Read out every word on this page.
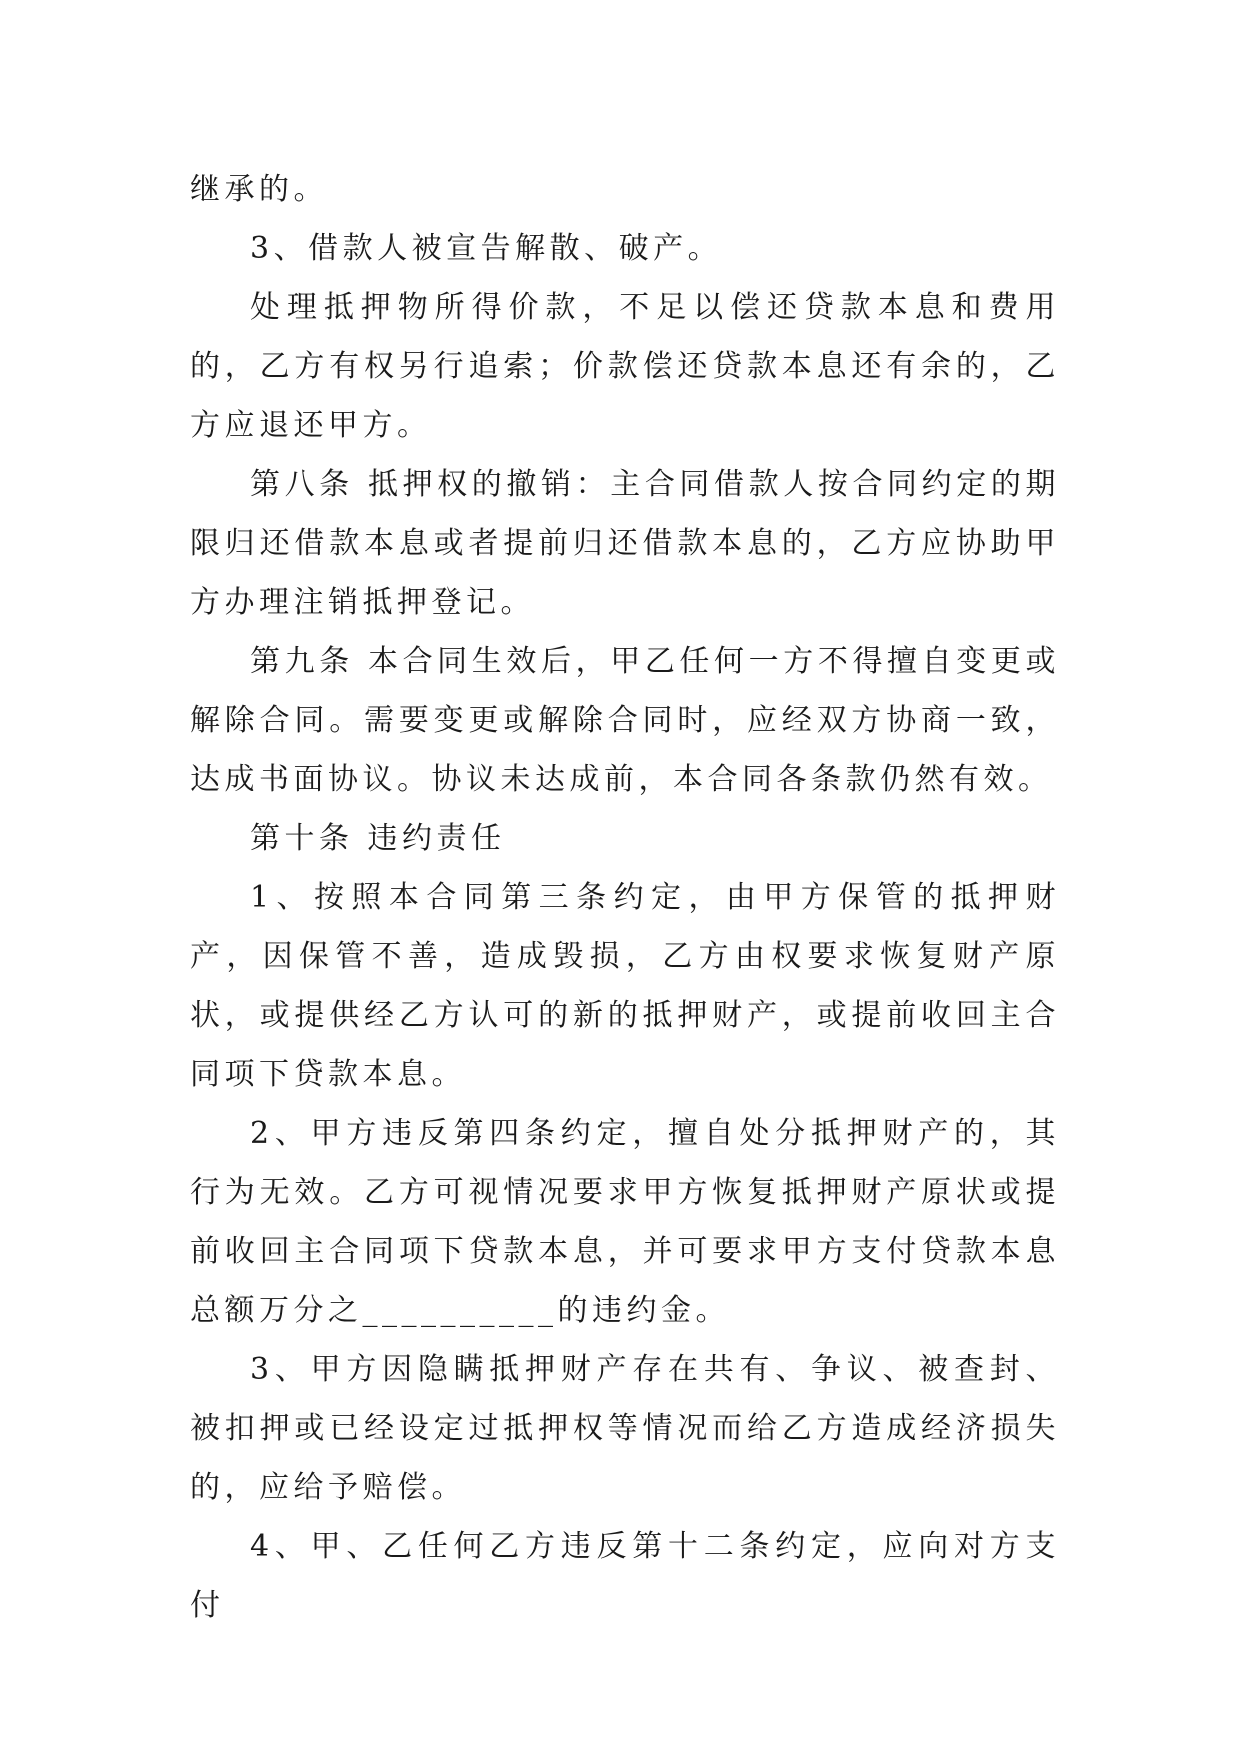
继承的。

3、借款人被宣告解散、破产。

处理抵押物所得价款，不足以偿还贷款本息和费用的，乙方有权另行追索；价款偿还贷款本息还有余的，乙方应退还甲方。

第八条 抵押权的撤销：主合同借款人按合同约定的期限归还借款本息或者提前归还借款本息的，乙方应协助甲方办理注销抵押登记。

第九条 本合同生效后，甲乙任何一方不得擅自变更或解除合同。需要变更或解除合同时，应经双方协商一致，达成书面协议。协议未达成前，本合同各条款仍然有效。

第十条 违约责任

1、按照本合同第三条约定，由甲方保管的抵押财产，因保管不善，造成毁损，乙方由权要求恢复财产原状，或提供经乙方认可的新的抵押财产，或提前收回主合同项下贷款本息。

2、甲方违反第四条约定，擅自处分抵押财产的，其行为无效。乙方可视情况要求甲方恢复抵押财产原状或提前收回主合同项下贷款本息，并可要求甲方支付贷款本息总额万分之__________的违约金。

3、甲方因隐瞒抵押财产存在共有、争议、被查封、被扣押或已经设定过抵押权等情况而给乙方造成经济损失的，应给予赔偿。

4、甲、乙任何乙方违反第十二条约定，应向对方支付
